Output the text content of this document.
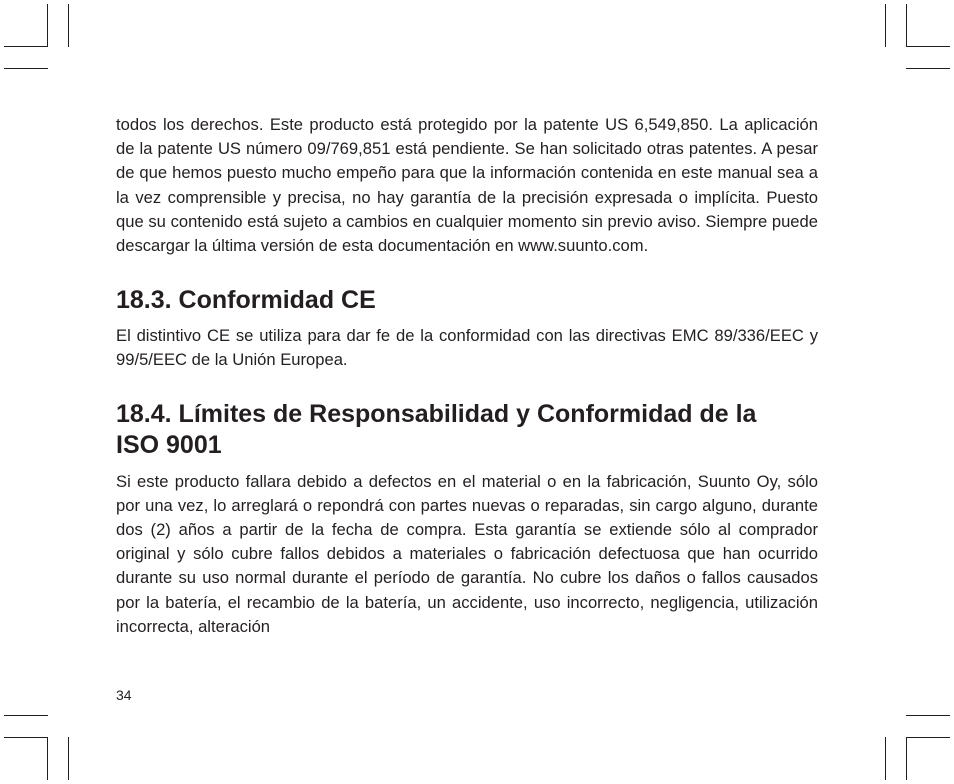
todos los derechos. Este producto está protegido por la patente US 6,549,850. La aplicación de la patente US número 09/769,851 está pendiente. Se han solicitado otras patentes. A pesar de que hemos puesto mucho empeño para que la información contenida en este manual sea a la vez comprensible y precisa, no hay garantía de la precisión expresada o implícita. Puesto que su contenido está sujeto a cambios en cualquier momento sin previo aviso. Siempre puede descargar la última versión de esta documentación en www.suunto.com.

18.3. Conformidad CE

El distintivo CE se utiliza para dar fe de la conformidad con las directivas EMC 89/336/EEC y 99/5/EEC de la Unión Europea.

18.4. Límites de Responsabilidad y Conformidad de la ISO 9001

Si este producto fallara debido a defectos en el material o en la fabricación, Suunto Oy, sólo por una vez, lo arreglará o repondrá con partes nuevas o reparadas, sin cargo alguno, durante dos (2) años a partir de la fecha de compra. Esta garantía se extiende sólo al comprador original y sólo cubre fallos debidos a materiales o fabricación defectuosa que han ocurrido durante su uso normal durante el período de garantía. No cubre los daños o fallos causados por la batería, el recambio de la batería, un accidente, uso incorrecto, negligencia, utilización incorrecta, alteración

34
